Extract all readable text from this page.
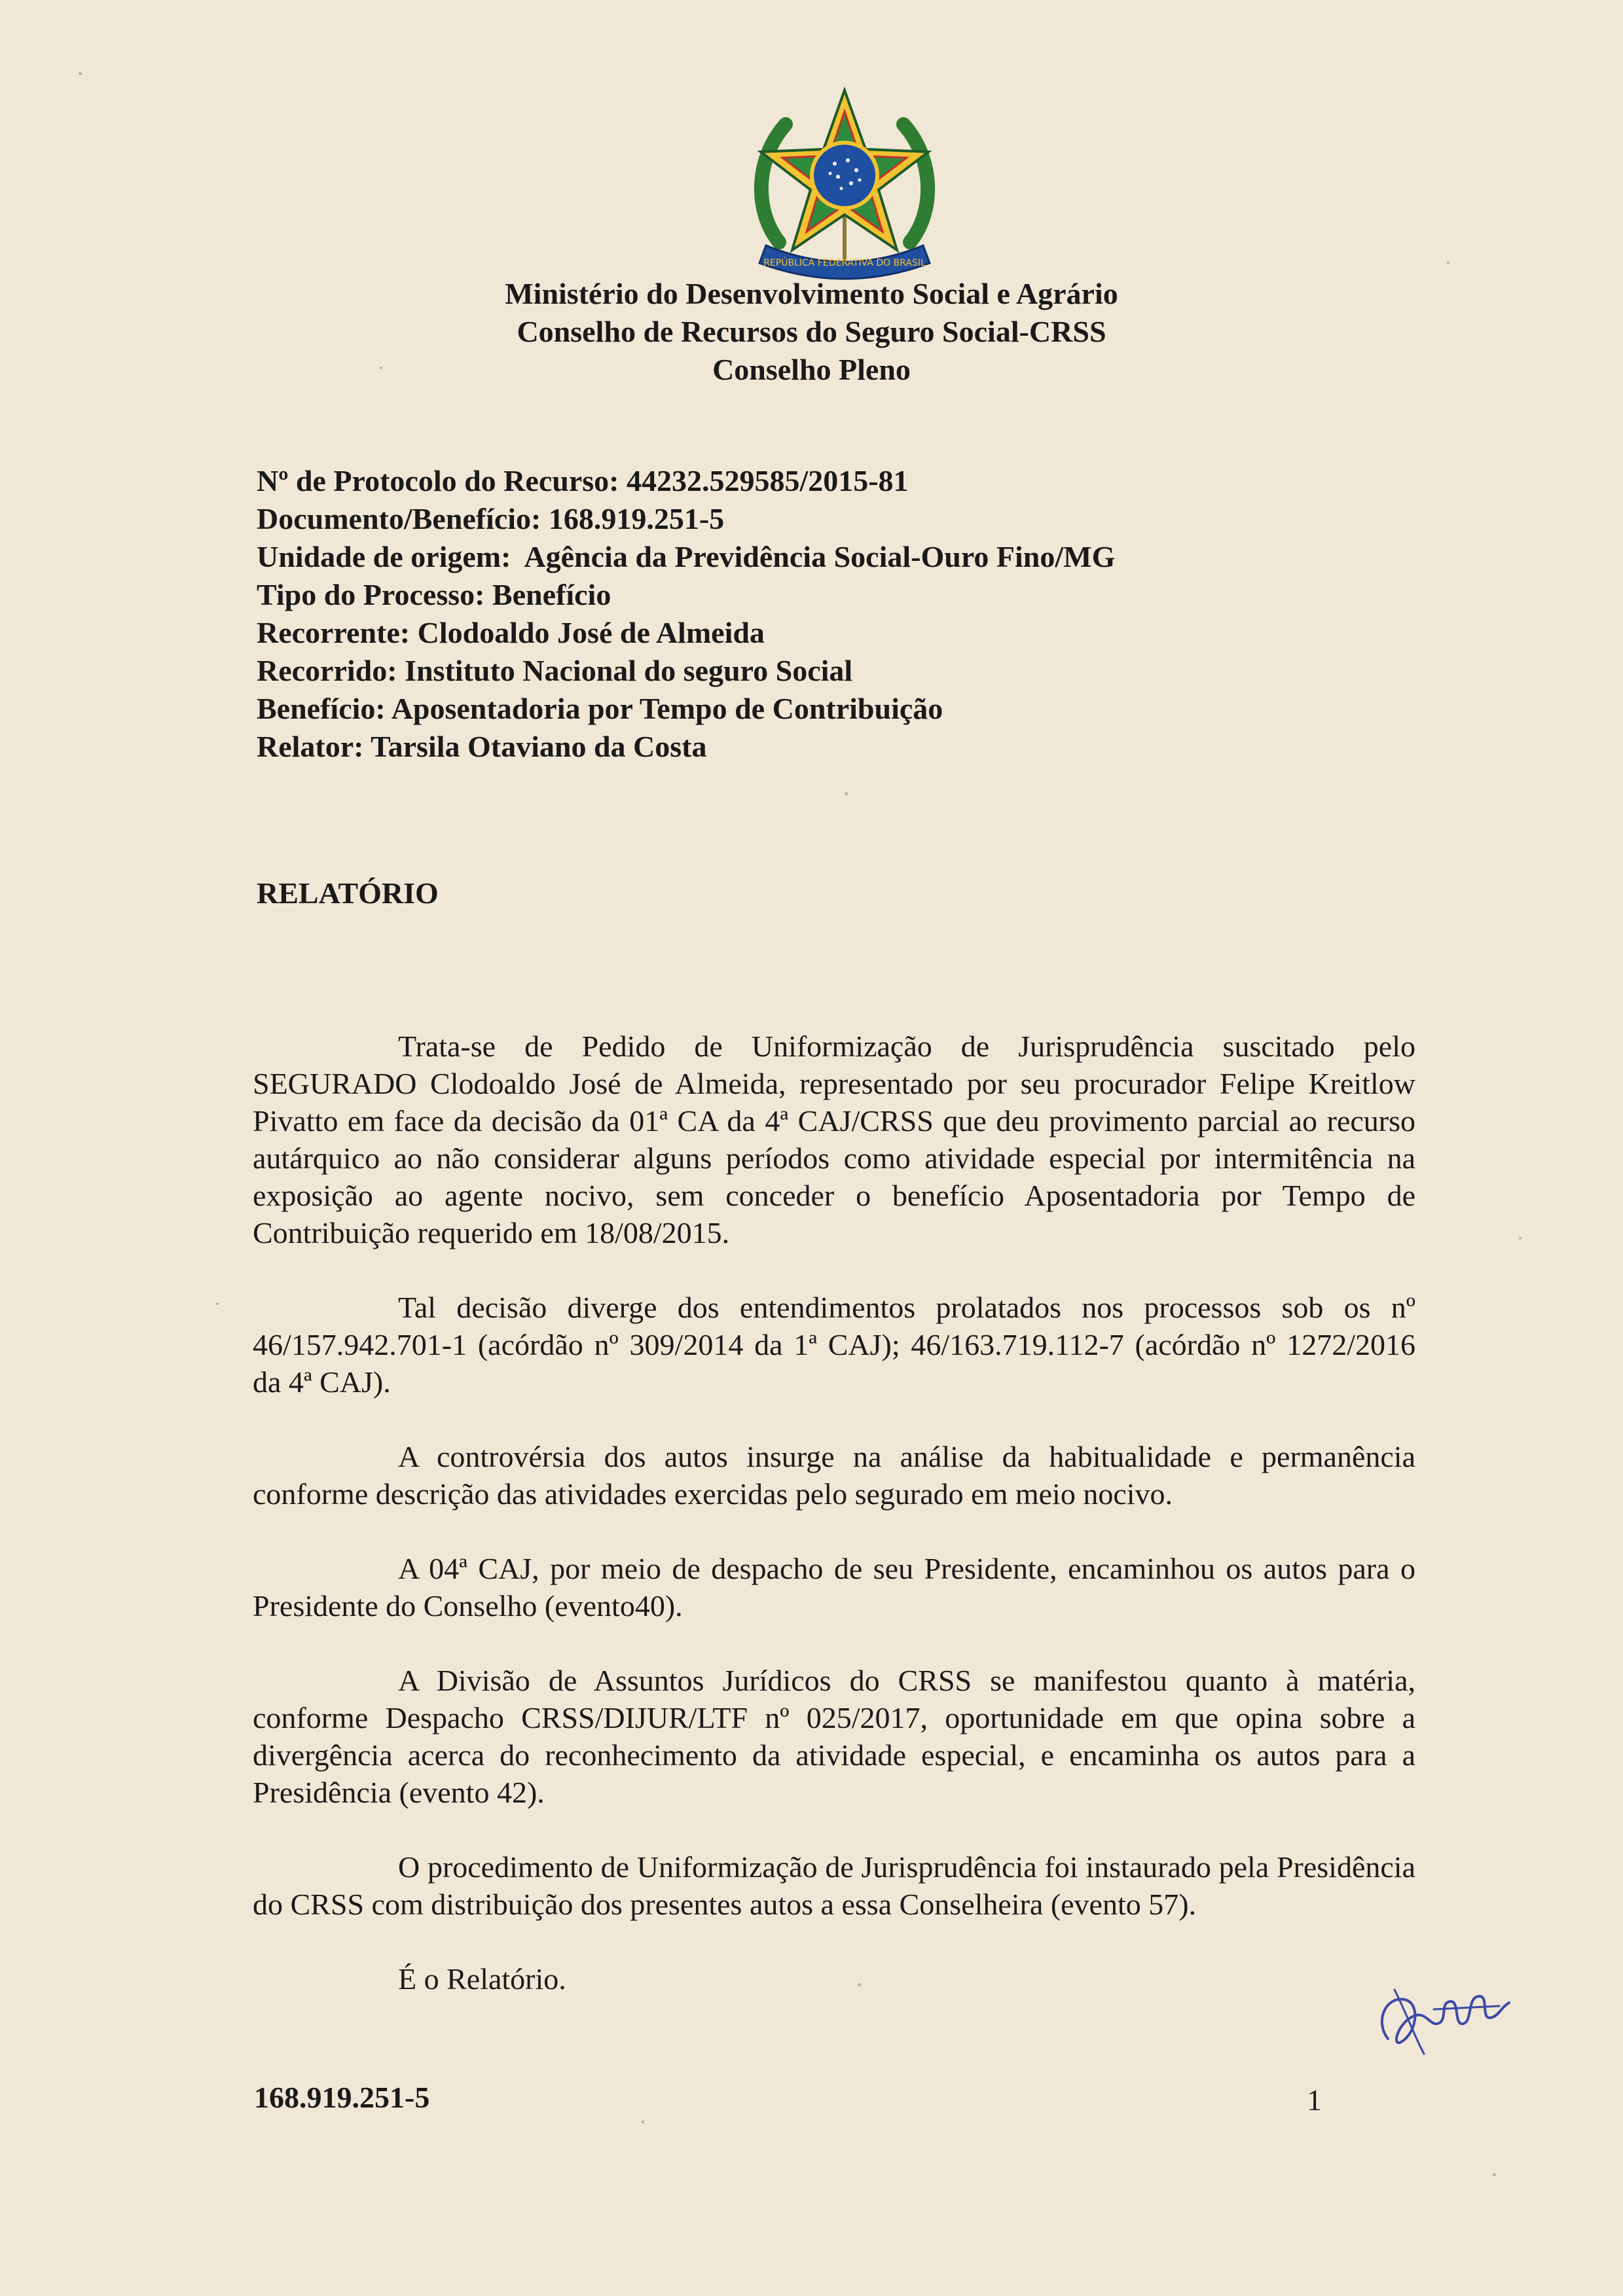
REPÚBLICA FEDERATIVA DO BRASIL
Ministério do Desenvolvimento Social e Agrário
Conselho de Recursos do Seguro Social-CRSS
Conselho Pleno
Nº de Protocolo do Recurso: 44232.529585/2015-81
Documento/Benefício: 168.919.251-5
Unidade de origem: Agência da Previdência Social-Ouro Fino/MG
Tipo do Processo: Benefício
Recorrente: Clodoaldo José de Almeida
Recorrido: Instituto Nacional do seguro Social
Benefício: Aposentadoria por Tempo de Contribuição
Relator: Tarsila Otaviano da Costa
RELATÓRIO

Trata-se de Pedido de Uniformização de Jurisprudência suscitado pelo SEGURADO Clodoaldo José de Almeida, representado por seu procurador Felipe Kreitlow Pivatto em face da decisão da 01ª CA da 4ª CAJ/CRSS que deu provimento parcial ao recurso autárquico ao não considerar alguns períodos como atividade especial por intermitência na exposição ao agente nocivo, sem conceder o benefício Aposentadoria por Tempo de Contribuição requerido em 18/08/2015.

Tal decisão diverge dos entendimentos prolatados nos processos sob os nº 46/157.942.701-1 (acórdão nº 309/2014 da 1ª CAJ); 46/163.719.112-7 (acórdão nº 1272/2016 da 4ª CAJ).

A controvérsia dos autos insurge na análise da habitualidade e permanência conforme descrição das atividades exercidas pelo segurado em meio nocivo.

A 04ª CAJ, por meio de despacho de seu Presidente, encaminhou os autos para o Presidente do Conselho (evento40).

A Divisão de Assuntos Jurídicos do CRSS se manifestou quanto à matéria, conforme Despacho CRSS/DIJUR/LTF nº 025/2017, oportunidade em que opina sobre a divergência acerca do reconhecimento da atividade especial, e encaminha os autos para a Presidência (evento 42).

O procedimento de Uniformização de Jurisprudência foi instaurado pela Presidência do CRSS com distribuição dos presentes autos a essa Conselheira (evento 57).

É o Relatório.

168.919.251-5	1
